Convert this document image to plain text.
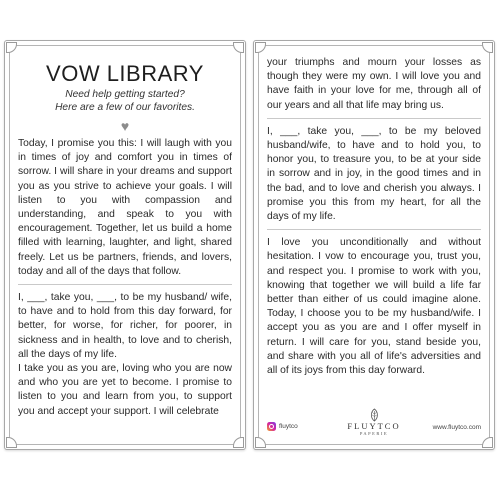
VOW LIBRARY
Need help getting started?
Here are a few of our favorites.
♥

Today, I promise you this: I will laugh with you in times of joy and comfort you in times of sorrow. I will share in your dreams and support you as you strive to achieve your goals. I will listen to you with compassion and understanding, and speak to you with encouragement. Together, let us build a home filled with learning, laughter, and light, shared freely. Let us be partners, friends, and lovers, today and all of the days that follow.

I, ___, take you, ___, to be my husband/ wife, to have and to hold from this day forward, for better, for worse, for richer, for poorer, in sickness and in health, to love and to cherish, all the days of my life.

I take you as you are, loving who you are now and who you are yet to become. I promise to listen to you and learn from you, to support you and accept your support. I will celebrate

your triumphs and mourn your losses as though they were my own. I will love you and have faith in your love for me, through all of our years and all that life may bring us.

I, ___, take you, ___, to be my beloved husband/wife, to have and to hold you, to honor you, to treasure you, to be at your side in sorrow and in joy, in the good times and in the bad, and to love and cherish you always. I promise you this from my heart, for all the days of my life.

I love you unconditionally and without hesitation. I vow to encourage you, trust you, and respect you. I promise to work with you, knowing that together we will build a life far better than either of us could imagine alone. Today, I choose you to be my husband/wife. I accept you as you are and I offer myself in return. I will care for you, stand beside you, and share with you all of life's adversities and all of its joys from this day forward.

fluytco	FLUYTCO
PAPERIE
www.fluytco.com
